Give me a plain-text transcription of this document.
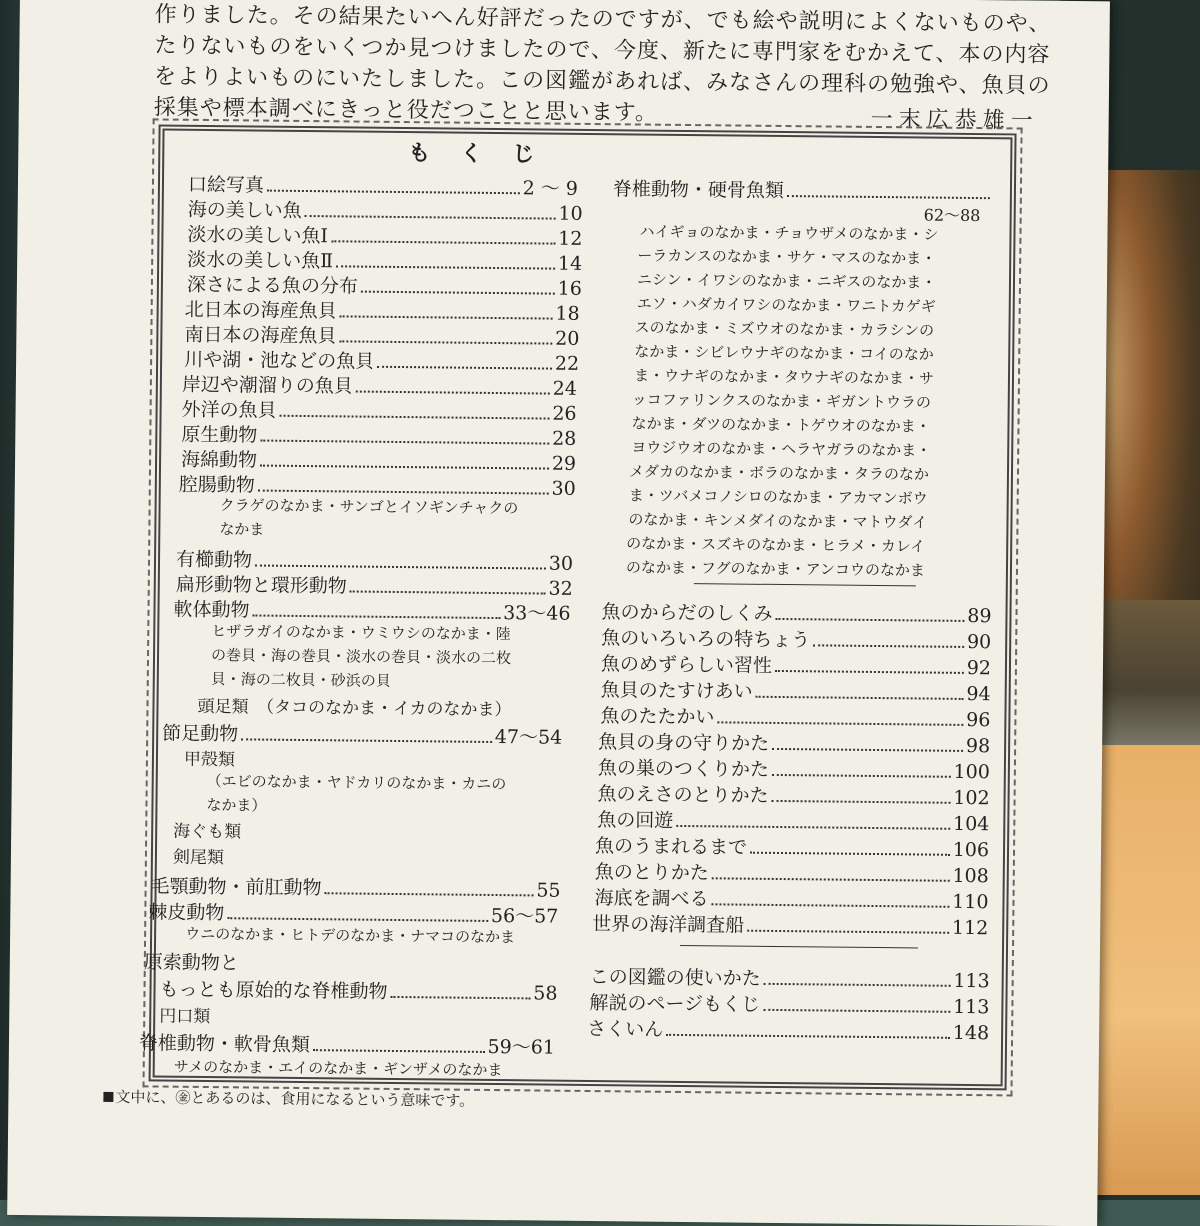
作りました。その結果たいへん好評だったのですが、でも絵や説明によくないものや、
たりないものをいくつか見つけましたので、今度、新たに専門家をむかえて、本の内容
をよりよいものにいたしました。この図鑑があれば、みなさんの理科の勉強や、魚貝の
採集や標本調べにきっと役だつことと思います。	一末広恭雄一
もくじ
口絵写真	2 ～ 9
海の美しい魚	10
淡水の美しい魚Ⅰ	12
淡水の美しい魚Ⅱ	14
深さによる魚の分布	16
北日本の海産魚貝	18
南日本の海産魚貝	20
川や湖・池などの魚貝	22
岸辺や潮溜りの魚貝	24
外洋の魚貝	26
原生動物	28
海綿動物	29
腔腸動物	30
クラゲのなかま・サンゴとイソギンチャクの
なかま
有櫛動物	30
扁形動物と環形動物	32
軟体動物	33～46
ヒザラガイのなかま・ウミウシのなかま・陸
の巻貝・海の巻貝・淡水の巻貝・淡水の二枚
貝・海の二枚貝・砂浜の貝
頭足類　（タコのなかま・イカのなかま）
節足動物	47～54
甲殻類
（エビのなかま・ヤドカリのなかま・カニの
なかま）
海ぐも類
剣尾類
毛顎動物・前肛動物	55
棘皮動物	56～57
ウニのなかま・ヒトデのなかま・ナマコのなかま
原索動物と
もっとも原始的な脊椎動物	58
円口類
脊椎動物・軟骨魚類	59～61
サメのなかま・エイのなかま・ギンザメのなかま
脊椎動物・硬骨魚類
62～88
ハイギョのなかま・チョウザメのなかま・シ
ーラカンスのなかま・サケ・マスのなかま・
ニシン・イワシのなかま・ニギスのなかま・
エソ・ハダカイワシのなかま・ワニトカゲギ
スのなかま・ミズウオのなかま・カラシンの
なかま・シビレウナギのなかま・コイのなか
ま・ウナギのなかま・タウナギのなかま・サ
ッコファリンクスのなかま・ギガントウラの
なかま・ダツのなかま・トゲウオのなかま・
ヨウジウオのなかま・ヘラヤガラのなかま・
メダカのなかま・ボラのなかま・タラのなか
ま・ツバメコノシロのなかま・アカマンボウ
のなかま・キンメダイのなかま・マトウダイ
のなかま・スズキのなかま・ヒラメ・カレイ
のなかま・フグのなかま・アンコウのなかま
魚のからだのしくみ	89
魚のいろいろの特ちょう	90
魚のめずらしい習性	92
魚貝のたすけあい	94
魚のたたかい	96
魚貝の身の守りかた	98
魚の巣のつくりかた	100
魚のえさのとりかた	102
魚の回遊	104
魚のうまれるまで	106
魚のとりかた	108
海底を調べる	110
世界の海洋調査船	112
この図鑑の使いかた	113
解説のページもくじ	113
さくいん	148
文中に、㊎とあるのは、食用になるという意味です。
